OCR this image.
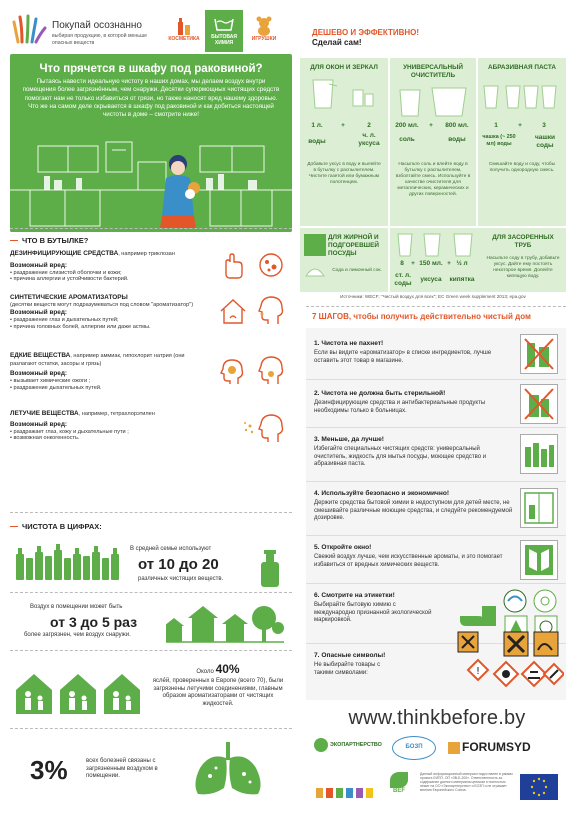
Покупай осознанно
выбирая продукцию, в которой меньше опасных веществ
КОСМЕТИКА	БЫТОВАЯ ХИМИЯ
ИГРУШКИ
Что прячется в шкафу под раковиной?
Пытаясь навести идеальную чистоту в наших домах, мы делаем воздух внутри помещения более загрязнённым, чем снаружи. Десятки супермощных чистящих средств помогают нам не только избавиться от грязи, но также наносят вред нашему здоровью. Что же на самом деле скрывается в шкафу под раковиной и как добиться настоящей чистоты в доме – смотрите ниже!
ЧТО В БУТЫЛКЕ?
ДЕЗИНФИЦИРУЮЩИЕ СРЕДСТВА, например триклозан
Возможный вред:
• раздражение слизистой оболочки и кожи;
• причина аллергии и устойчивости бактерий.
СИНТЕТИЧЕСКИЕ АРОМАТИЗАТОРЫ
(десятки веществ могут подразумеваться под словом "ароматизатор")
Возможный вред:
• раздражение глаз и дыхательных путей;
• причина головных болей, аллергии или даже астмы.
ЕДКИЕ ВЕЩЕСТВА, например аммиак, гипохлорит натрия (они разлагают остатки, засоры и грязь)
Возможный вред:
• вызывает химические ожоги ;
• раздражение дыхательных путей.
ЛЕТУЧИЕ ВЕЩЕСТВА, например, тетрахлорэтилен
Возможный вред:
• раздражает глаз, кожу и дыхательные пути ;
• возможная онкогенность.
ЧИСТОТА В ЦИФРАХ:
В средней семье используют
от 10 до 20
различных чистящих веществ.
Воздух в помещении может быть
от 3 до 5 раз
более загрязнен, чем воздух снаружи.
Около 40%
ясле́й, проверенных в Европе (всего 70), были загрязнены летучими соединениями, главным образом ароматизаторами от чистящих жидкостей.
3%	всех болезней связаны с загрязненным воздухом в помещении.
ДЕШЕВО И ЭФФЕКТИВНО!
Сделай сам!
ДЛЯ ОКОН И ЗЕРКАЛ
1 л.	+	2
воды
ч. л. уксуса
Добавьте уксус в воду и вылейте в бутылку с распылителем. Чистите газетой или бумажным полотенцем.
УНИВЕРСАЛЬНЫЙ ОЧИСТИТЕЛЬ
200 мл.	+	800 мл.
соль	воды
Насыпьте соль и влейте воду в бутылку с распылителем, взболтайте смесь. Используйте в качестве очистителя для металлических, керамических и других поверхностей.
АБРАЗИВНАЯ ПАСТА
1	+	3
чашка (~ 250 мл) воды
чашки соды
Смешайте воду и соду, чтобы получить однородную смесь.
ДЛЯ ЖИРНОЙ И ПОДГОРЕВШЕЙ ПОСУДЫ
Сода и лимонный сок.
8	+ 150 мл. + ½ л
ст. л. соды
уксуса	кипятка
ДЛЯ ЗАСОРЕННЫХ ТРУБ
Насыпьте соду в трубу, добавьте уксус. Дайте ему постоять некоторое время. Долейте кипящую воду.
Источники: WECF; "Чистый воздух для всех"; EC Green week supplement 2013; epa.gov
7 ШАГОВ, чтобы получить действительно чистый дом
1. Чистота не пахнет!
Если вы видите «ароматизатор» в списке ингредиентов, лучше оставить этот товар в магазине.
2. Чистота не должна быть стерильной!
Дезинфицирующие средства и антибактериальные продукты необходимы только в больницах.
3. Меньше, да лучше!
Избегайте специальных чистящих средств: универсальный очиститель, жидкость для мытья посуды, моющее средство и абразивная паста.
4. Используйте безопасно и экономично!
Держите средства бытовой химии в недоступном для детей месте, не смешивайте различные моющие средства, и следуйте рекомендуемой дозировке.
5. Откройте окно!
Свежий воздух лучше, чем искусственные ароматы, и это помогает избавиться от вредных химических веществ.
6. Смотрите на этикетки!
Выбирайте бытовую химию с международно признанной экологической маркировкой.
7. Опасные символы!
Не выбирайте товары с такими символами:	!
www.thinkbefore.by
ЭКОПАРТНЕРСТВО	БОЗП	FORUMSYD
BEF
Данный информационный материал подготовлен в рамках проекта ЕИПП, ОП «ЗВ-Б-200». Ответственность за содержание данного материала целиком и полностью лежит на ОО «Экопартнерство» и БОЗП и не отражает мнения Европейского Союза.
